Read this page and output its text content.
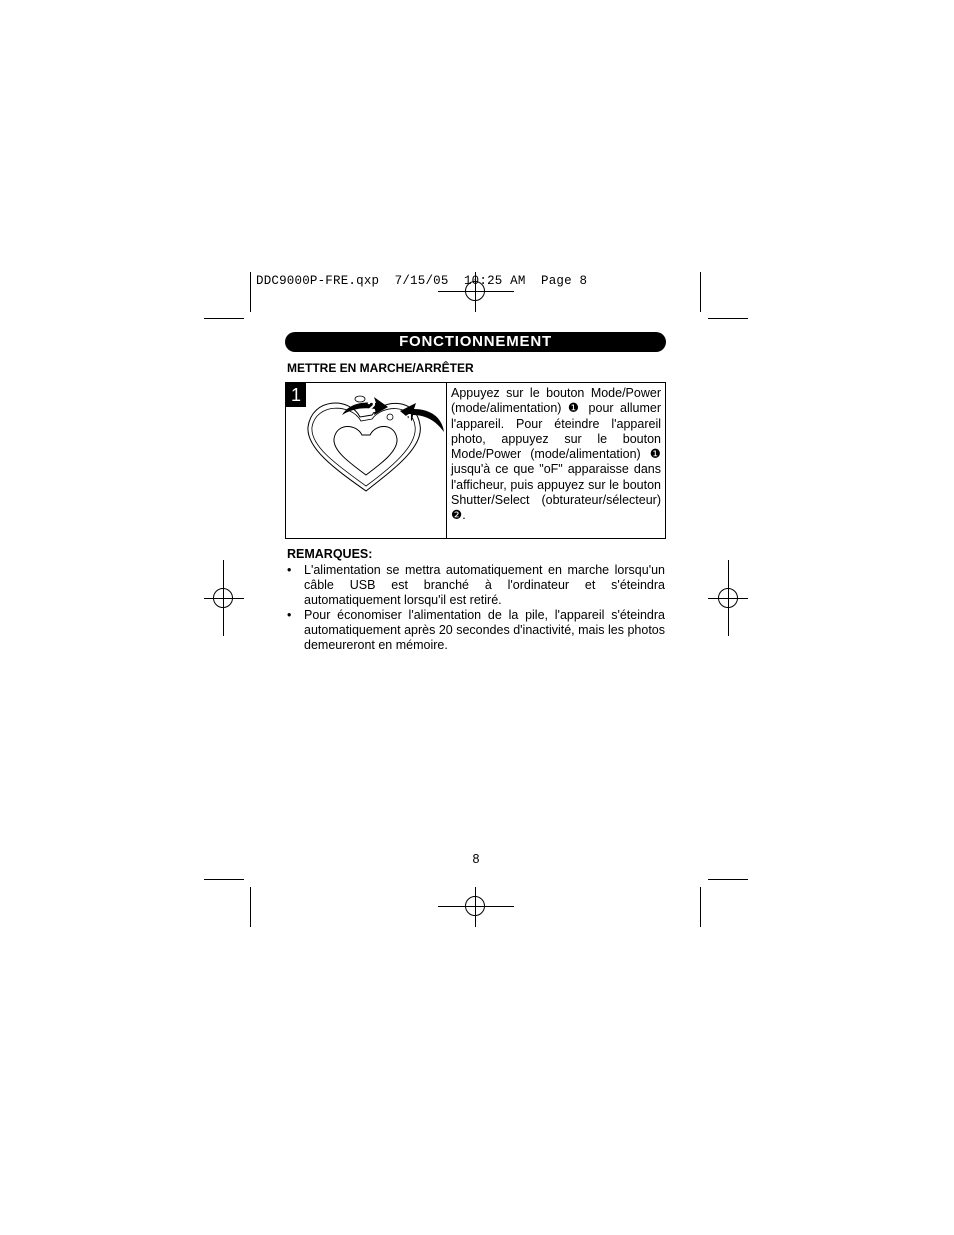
DDC9000P-FRE.qxp 7/15/05 10:25 AM Page 8
FONCTIONNEMENT
METTRE EN MARCHE/ARRÊTER
1
2
1
Appuyez sur le bouton Mode/Power (mode/alimentation) ❶ pour allumer l'appareil. Pour éteindre l'appareil photo, appuyez sur le bouton Mode/Power (mode/alimentation) ❶ jusqu'à ce que "oF" apparaisse dans l'afficheur, puis appuyez sur le bouton Shutter/Select (obturateur/sélecteur) ❷.
REMARQUES:

• L'alimentation se mettra automatiquement en marche lorsqu'un câble USB est branché à l'ordinateur et s'éteindra automatiquement lorsqu'il est retiré.

• Pour économiser l'alimentation de la pile, l'appareil s'éteindra automatiquement après 20 secondes d'inactivité, mais les photos demeureront en mémoire.

8
